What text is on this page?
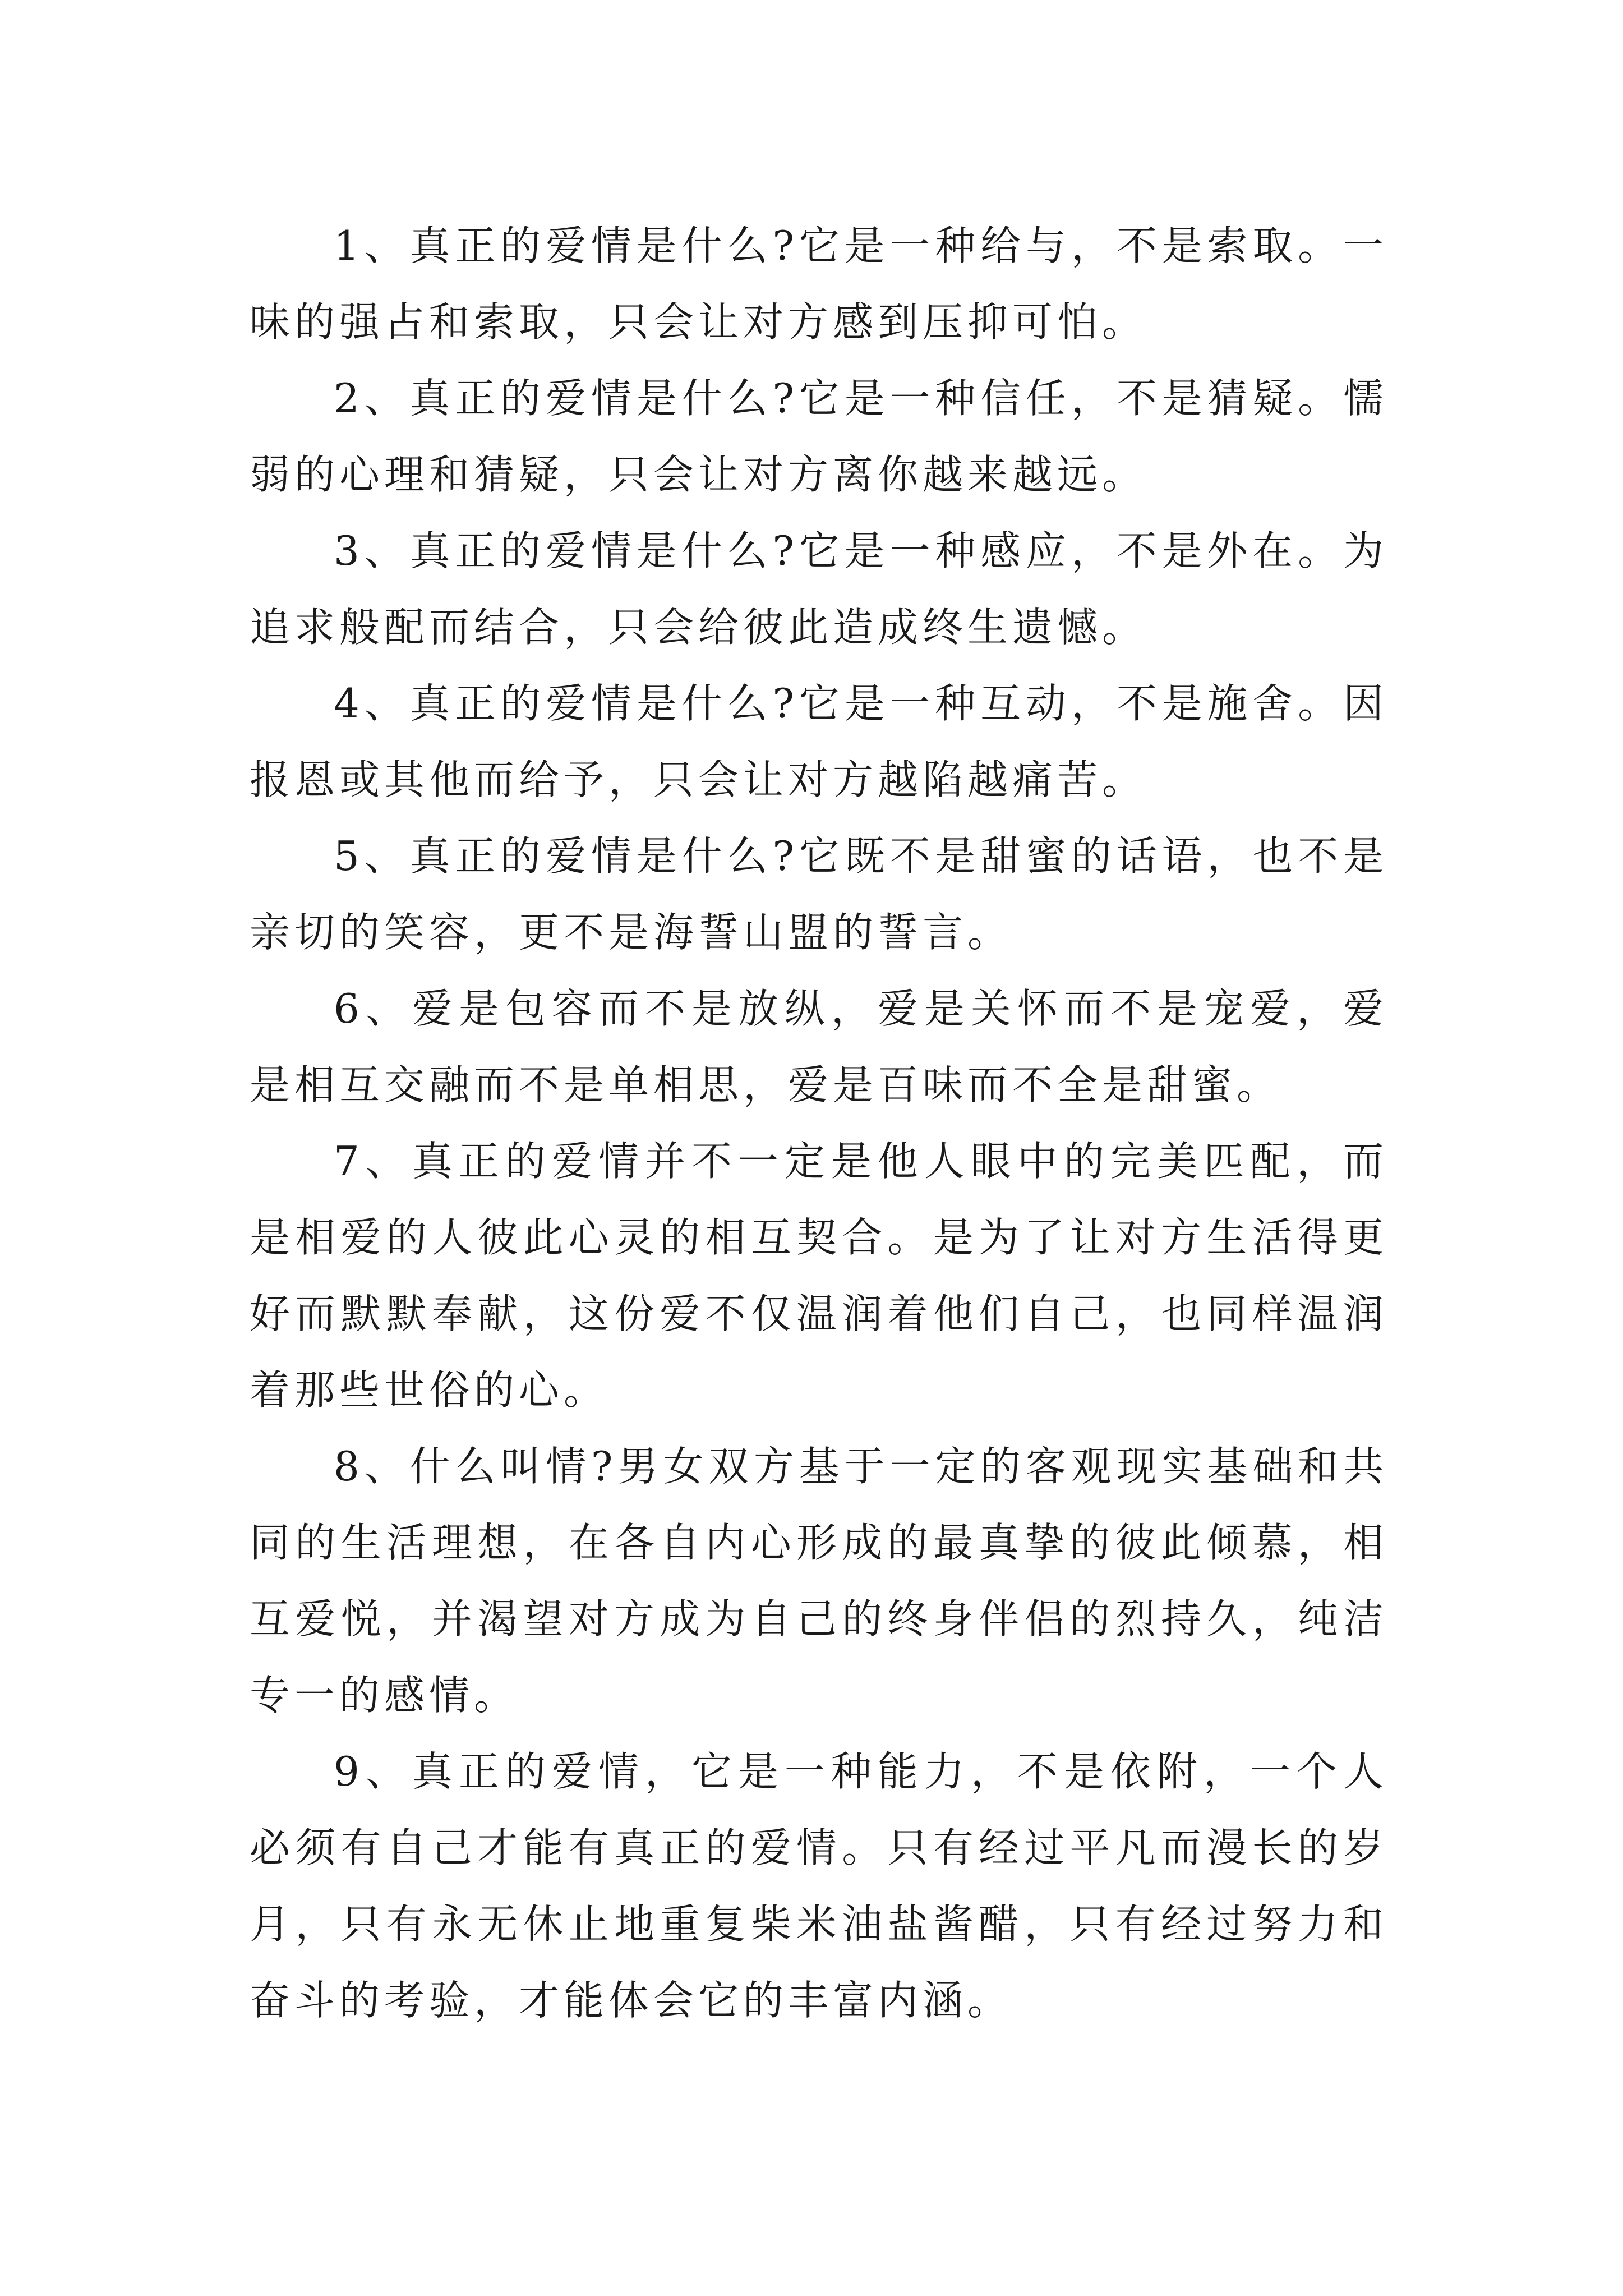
1、真正的爱情是什么?它是一种给与，不是索取。一味的强占和索取，只会让对方感到压抑可怕。

2、真正的爱情是什么?它是一种信任，不是猜疑。懦弱的心理和猜疑，只会让对方离你越来越远。

3、真正的爱情是什么?它是一种感应，不是外在。为追求般配而结合，只会给彼此造成终生遗憾。

4、真正的爱情是什么?它是一种互动，不是施舍。因报恩或其他而给予，只会让对方越陷越痛苦。

5、真正的爱情是什么?它既不是甜蜜的话语，也不是亲切的笑容，更不是海誓山盟的誓言。

6、爱是包容而不是放纵，爱是关怀而不是宠爱，爱是相互交融而不是单相思，爱是百味而不全是甜蜜。

7、真正的爱情并不一定是他人眼中的完美匹配，而是相爱的人彼此心灵的相互契合。是为了让对方生活得更好而默默奉献，这份爱不仅温润着他们自己，也同样温润着那些世俗的心。

8、什么叫情?男女双方基于一定的客观现实基础和共同的生活理想，在各自内心形成的最真挚的彼此倾慕，相互爱悦，并渴望对方成为自己的终身伴侣的烈持久，纯洁专一的感情。

9、真正的爱情，它是一种能力，不是依附，一个人必须有自己才能有真正的爱情。只有经过平凡而漫长的岁月，只有永无休止地重复柴米油盐酱醋，只有经过努力和奋斗的考验，才能体会它的丰富内涵。
